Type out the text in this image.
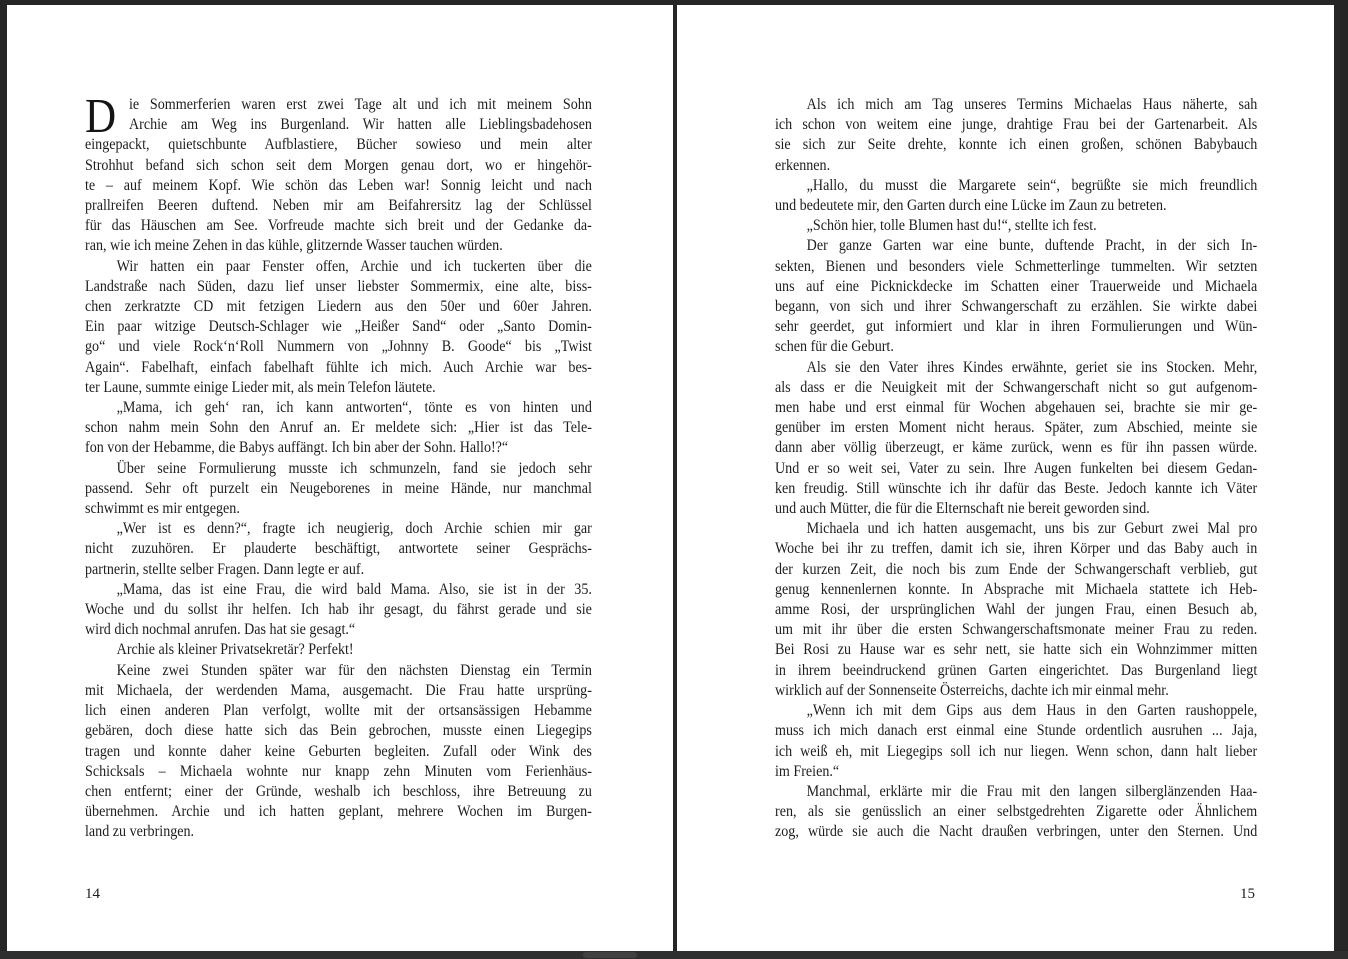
D ie Sommerferien waren erst zwei Tage alt und ich mit meinem Sohn
Archie am Weg ins Burgenland. Wir hatten alle Lieblingsbadehosen
eingepackt, quietschbunte Aufblastiere, Bücher sowieso und mein alter
Strohhut befand sich schon seit dem Morgen genau dort, wo er hingehör-
te – auf meinem Kopf. Wie schön das Leben war! Sonnig leicht und nach
prallreifen Beeren duftend. Neben mir am Beifahrersitz lag der Schlüssel
für das Häuschen am See. Vorfreude machte sich breit und der Gedanke da-
ran, wie ich meine Zehen in das kühle, glitzernde Wasser tauchen würden.
Wir hatten ein paar Fenster offen, Archie und ich tuckerten über die
Landstraße nach Süden, dazu lief unser liebster Sommermix, eine alte, biss-
chen zerkratzte CD mit fetzigen Liedern aus den 50er und 60er Jahren.
Ein paar witzige Deutsch-Schlager wie „Heißer Sand“ oder „Santo Domin-
go“ und viele Rock‘n‘Roll Nummern von „Johnny B. Goode“ bis „Twist
Again“. Fabelhaft, einfach fabelhaft fühlte ich mich. Auch Archie war bes-
ter Laune, summte einige Lieder mit, als mein Telefon läutete.
„Mama, ich geh‘ ran, ich kann antworten“, tönte es von hinten und
schon nahm mein Sohn den Anruf an. Er meldete sich: „Hier ist das Tele-
fon von der Hebamme, die Babys auffängt. Ich bin aber der Sohn. Hallo!?“
Über seine Formulierung musste ich schmunzeln, fand sie jedoch sehr
passend. Sehr oft purzelt ein Neugeborenes in meine Hände, nur manchmal
schwimmt es mir entgegen.
„Wer ist es denn?“, fragte ich neugierig, doch Archie schien mir gar
nicht zuzuhören. Er plauderte beschäftigt, antwortete seiner Gesprächs-
partnerin, stellte selber Fragen. Dann legte er auf.
„Mama, das ist eine Frau, die wird bald Mama. Also, sie ist in der 35.
Woche und du sollst ihr helfen. Ich hab ihr gesagt, du fährst gerade und sie
wird dich nochmal anrufen. Das hat sie gesagt.“
Archie als kleiner Privatsekretär? Perfekt!
Keine zwei Stunden später war für den nächsten Dienstag ein Termin
mit Michaela, der werdenden Mama, ausgemacht. Die Frau hatte ursprüng-
lich einen anderen Plan verfolgt, wollte mit der ortsansässigen Hebamme
gebären, doch diese hatte sich das Bein gebrochen, musste einen Liegegips
tragen und konnte daher keine Geburten begleiten. Zufall oder Wink des
Schicksals – Michaela wohnte nur knapp zehn Minuten vom Ferienhäus-
chen entfernt; einer der Gründe, weshalb ich beschloss, ihre Betreuung zu
übernehmen. Archie und ich hatten geplant, mehrere Wochen im Burgen-
land zu verbringen.
14
Als ich mich am Tag unseres Termins Michaelas Haus näherte, sah
ich schon von weitem eine junge, drahtige Frau bei der Gartenarbeit. Als
sie sich zur Seite drehte, konnte ich einen großen, schönen Babybauch
erkennen.
„Hallo, du musst die Margarete sein“, begrüßte sie mich freundlich
und bedeutete mir, den Garten durch eine Lücke im Zaun zu betreten.
„Schön hier, tolle Blumen hast du!“, stellte ich fest.
Der ganze Garten war eine bunte, duftende Pracht, in der sich In-
sekten, Bienen und besonders viele Schmetterlinge tummelten. Wir setzten
uns auf eine Picknickdecke im Schatten einer Trauerweide und Michaela
begann, von sich und ihrer Schwangerschaft zu erzählen. Sie wirkte dabei
sehr geerdet, gut informiert und klar in ihren Formulierungen und Wün-
schen für die Geburt.
Als sie den Vater ihres Kindes erwähnte, geriet sie ins Stocken. Mehr,
als dass er die Neuigkeit mit der Schwangerschaft nicht so gut aufgenom-
men habe und erst einmal für Wochen abgehauen sei, brachte sie mir ge-
genüber im ersten Moment nicht heraus. Später, zum Abschied, meinte sie
dann aber völlig überzeugt, er käme zurück, wenn es für ihn passen würde.
Und er so weit sei, Vater zu sein. Ihre Augen funkelten bei diesem Gedan-
ken freudig. Still wünschte ich ihr dafür das Beste. Jedoch kannte ich Väter
und auch Mütter, die für die Elternschaft nie bereit geworden sind.
Michaela und ich hatten ausgemacht, uns bis zur Geburt zwei Mal pro
Woche bei ihr zu treffen, damit ich sie, ihren Körper und das Baby auch in
der kurzen Zeit, die noch bis zum Ende der Schwangerschaft verblieb, gut
genug kennenlernen konnte. In Absprache mit Michaela stattete ich Heb-
amme Rosi, der ursprünglichen Wahl der jungen Frau, einen Besuch ab,
um mit ihr über die ersten Schwangerschaftsmonate meiner Frau zu reden.
Bei Rosi zu Hause war es sehr nett, sie hatte sich ein Wohnzimmer mitten
in ihrem beeindruckend grünen Garten eingerichtet. Das Burgenland liegt
wirklich auf der Sonnenseite Österreichs, dachte ich mir einmal mehr.
„Wenn ich mit dem Gips aus dem Haus in den Garten raushoppele,
muss ich mich danach erst einmal eine Stunde ordentlich ausruhen ... Jaja,
ich weiß eh, mit Liegegips soll ich nur liegen. Wenn schon, dann halt lieber
im Freien.“
Manchmal, erklärte mir die Frau mit den langen silberglänzenden Haa-
ren, als sie genüsslich an einer selbstgedrehten Zigarette oder Ähnlichem
zog, würde sie auch die Nacht draußen verbringen, unter den Sternen. Und
15
